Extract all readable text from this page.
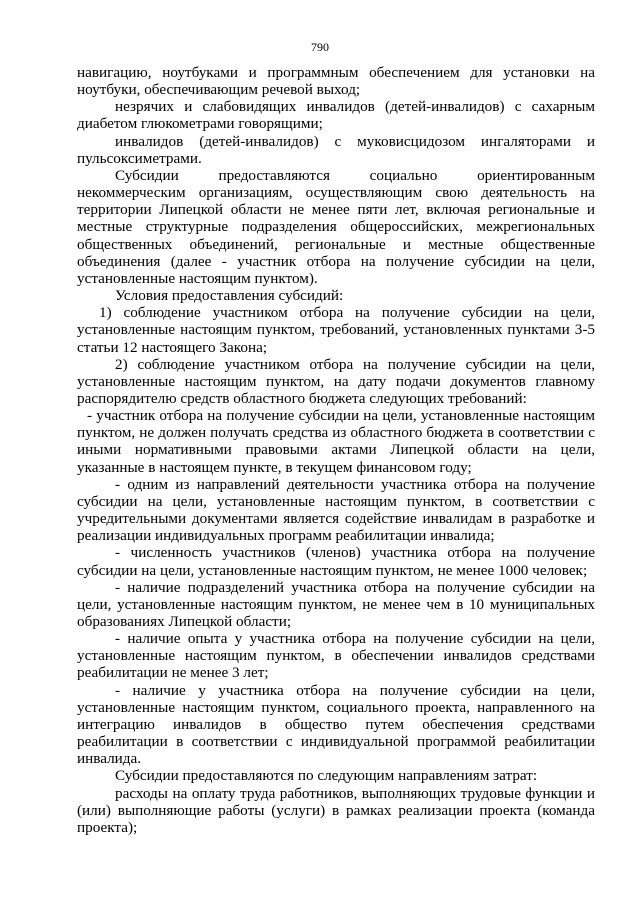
790

навигацию, ноутбуками и программным обеспечением для установки на ноутбуки, обеспечивающим речевой выход;

незрячих и слабовидящих инвалидов (детей-инвалидов) с сахарным диабетом глюкометрами говорящими;

инвалидов (детей-инвалидов) с муковисцидозом ингаляторами и пульсоксиметрами.

Субсидии предоставляются социально ориентированным некоммерческим организациям, осуществляющим свою деятельность на территории Липецкой области не менее пяти лет, включая региональные и местные структурные подразделения общероссийских, межрегиональных общественных объединений, региональные и местные общественные объединения (далее - участник отбора на получение субсидии на цели, установленные настоящим пунктом).

Условия предоставления субсидий:

1) соблюдение участником отбора на получение субсидии на цели, установленные настоящим пунктом, требований, установленных пунктами 3-5 статьи 12 настоящего Закона;

2) соблюдение участником отбора на получение субсидии на цели, установленные настоящим пунктом, на дату подачи документов главному распорядителю средств областного бюджета следующих требований:

- участник отбора на получение субсидии на цели, установленные настоящим пунктом, не должен получать средства из областного бюджета в соответствии с иными нормативными правовыми актами Липецкой области на цели, указанные в настоящем пункте, в текущем финансовом году;

- одним из направлений деятельности участника отбора на получение субсидии на цели, установленные настоящим пунктом, в соответствии с учредительными документами является содействие инвалидам в разработке и реализации индивидуальных программ реабилитации инвалида;

- численность участников (членов) участника отбора на получение субсидии на цели, установленные настоящим пунктом, не менее 1000 человек;

- наличие подразделений участника отбора на получение субсидии на цели, установленные настоящим пунктом, не менее чем в 10 муниципальных образованиях Липецкой области;

- наличие опыта у участника отбора на получение субсидии на цели, установленные настоящим пунктом, в обеспечении инвалидов средствами реабилитации не менее 3 лет;

- наличие у участника отбора на получение субсидии на цели, установленные настоящим пунктом, социального проекта, направленного на интеграцию инвалидов в общество путем обеспечения средствами реабилитации в соответствии с индивидуальной программой реабилитации инвалида.

Субсидии предоставляются по следующим направлениям затрат:

расходы на оплату труда работников, выполняющих трудовые функции и (или) выполняющие работы (услуги) в рамках реализации проекта (команда проекта);
